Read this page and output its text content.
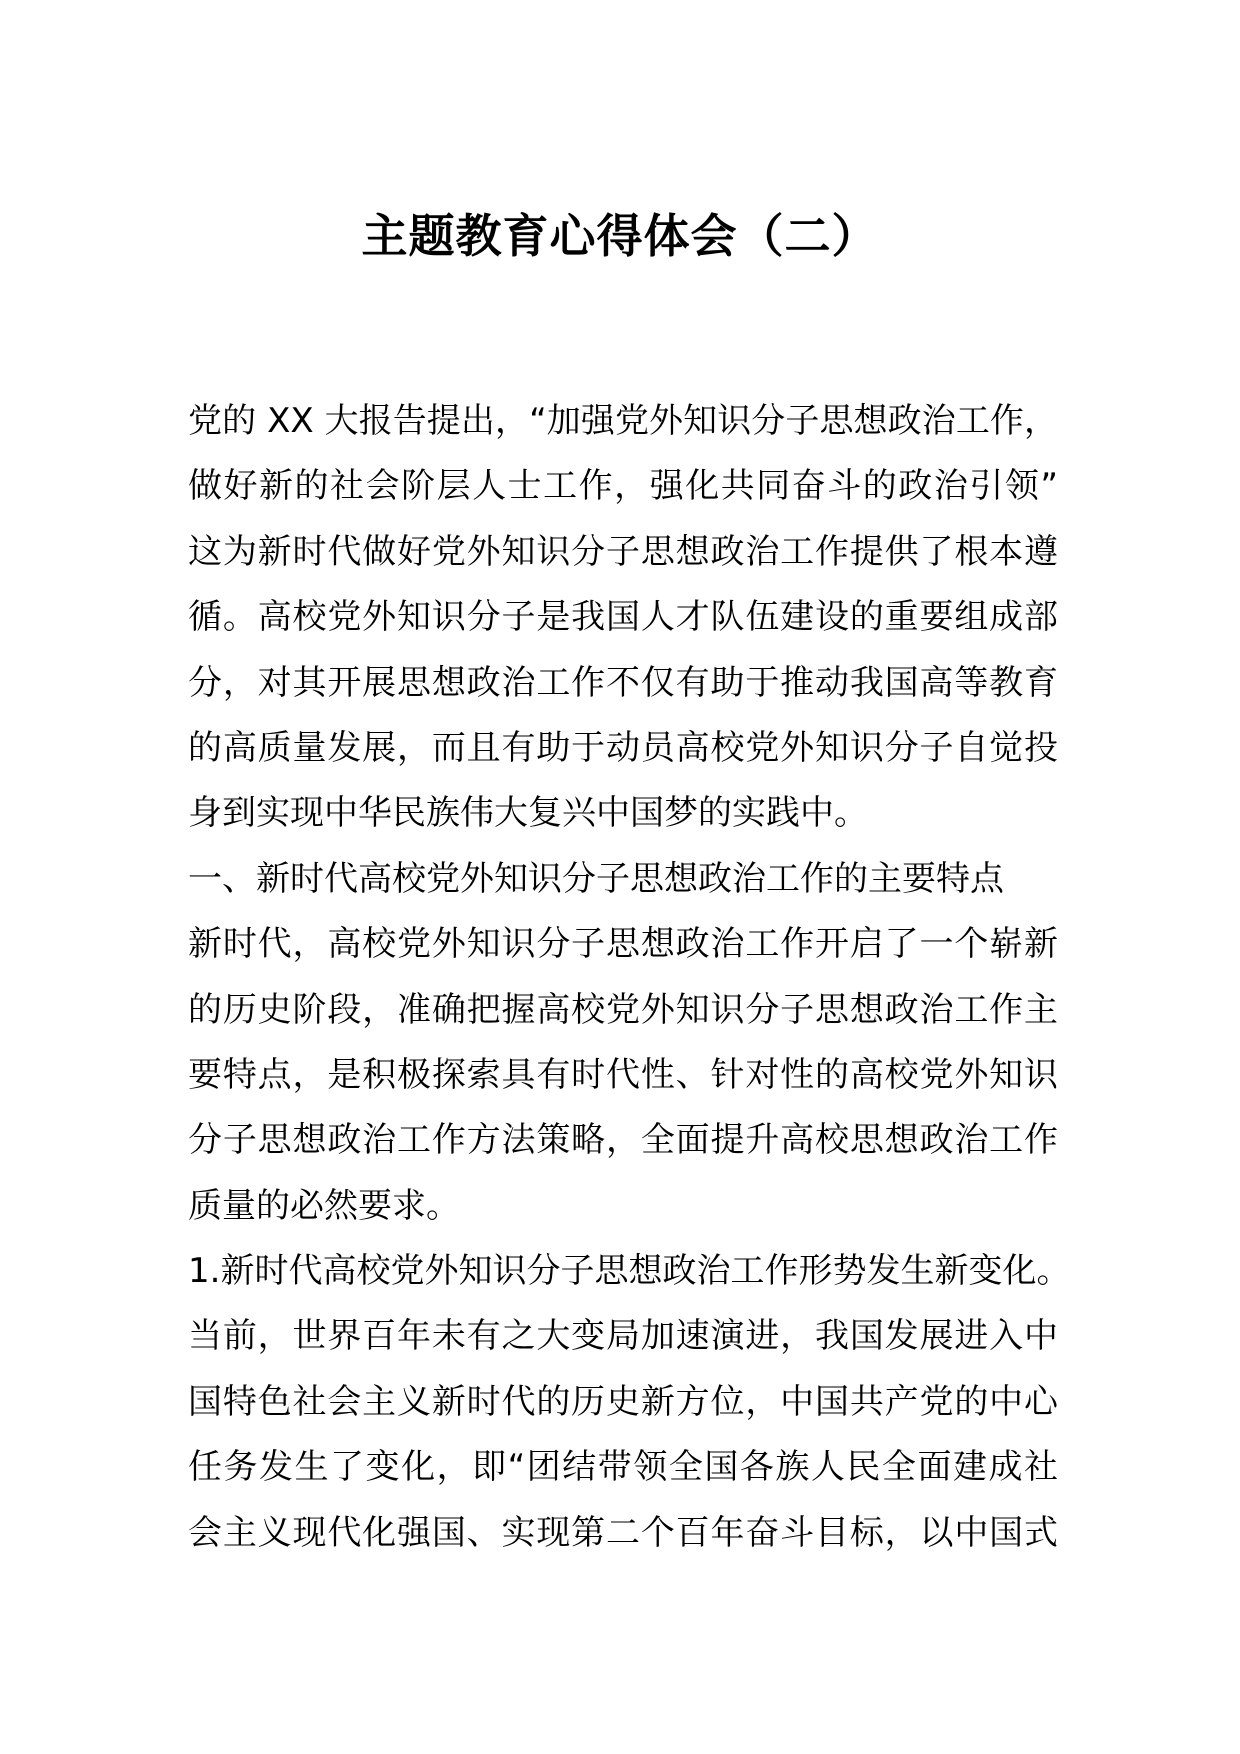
主题教育心得体会（二）
党的 XX 大报告提出，“加强党外知识分子思想政治工作，
做好新的社会阶层人士工作，强化共同奋斗的政治引领”
这为新时代做好党外知识分子思想政治工作提供了根本遵
循。高校党外知识分子是我国人才队伍建设的重要组成部
分，对其开展思想政治工作不仅有助于推动我国高等教育
的高质量发展，而且有助于动员高校党外知识分子自觉投
身到实现中华民族伟大复兴中国梦的实践中。
一、新时代高校党外知识分子思想政治工作的主要特点
新时代，高校党外知识分子思想政治工作开启了一个崭新
的历史阶段，准确把握高校党外知识分子思想政治工作主
要特点，是积极探索具有时代性、针对性的高校党外知识
分子思想政治工作方法策略，全面提升高校思想政治工作
质量的必然要求。
1.新时代高校党外知识分子思想政治工作形势发生新变化。
当前，世界百年未有之大变局加速演进，我国发展进入中
国特色社会主义新时代的历史新方位，中国共产党的中心
任务发生了变化，即“团结带领全国各族人民全面建成社
会主义现代化强国、实现第二个百年奋斗目标，以中国式
